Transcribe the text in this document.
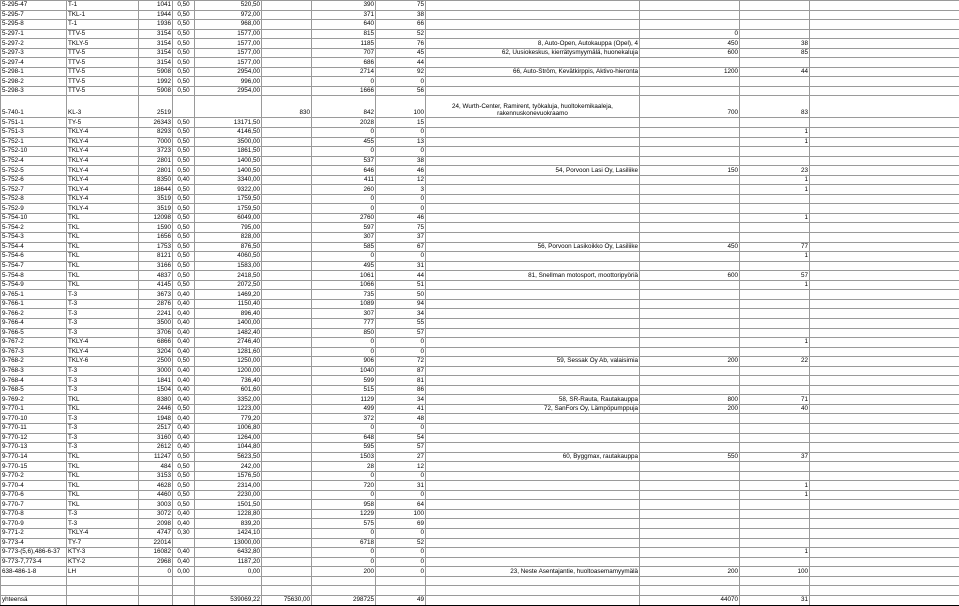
5-295-47	T-1	1041	0,50	520,50		390	75				
5-295-7	TKL-1	1944	0,50	972,00		371	38				
5-295-8	T-1	1936	0,50	968,00		640	66				
5-297-1	TTV-5	3154	0,50	1577,00		815	52		0		
5-297-2	TKLY-5	3154	0,50	1577,00		1185	76	8, Auto-Open, Autokauppa (Opel), 4	450	38	
5-297-3	TTV-5	3154	0,50	1577,00		707	45	62, Uusiokeskus, kierrätysmyymälä, huonekaluja	600	85	
5-297-4	TTV-5	3154	0,50	1577,00		686	44				
5-298-1	TTV-5	5908	0,50	2954,00		2714	92	66, Auto-Ström, Kevätkirppis, Aktivo-hieronta	1200	44	
5-298-2	TTV-5	1992	0,50	996,00		0	0				
5-298-3	TTV-5	5908	0,50	2954,00		1666	56				
5-740-1	KL-3	2519			830	842	100	24, Wurth-Center, Ramirent, työkaluja, huoltokemikaaleja, rakennuskonevuokraamo	700	83	
5-751-1	TY-5	26343	0,50	13171,50		2028	15				
5-751-3	TKLY-4	8293	0,50	4146,50		0	0			1	
5-752-1	TKLY-4	7000	0,50	3500,00		455	13			1	
5-752-10	TKLY-4	3723	0,50	1861,50		0	0				
5-752-4	TKLY-4	2801	0,50	1400,50		537	38				
5-752-5	TKLY-4	2801	0,50	1400,50		646	46	54, Porvoon Lasi Oy, Lasiliike	150	23	
5-752-6	TKLY-4	8350	0,40	3340,00		411	12			1	
5-752-7	TKLY-4	18644	0,50	9322,00		260	3			1	
5-752-8	TKLY-4	3519	0,50	1759,50		0	0				
5-752-9	TKLY-4	3519	0,50	1759,50		0	0				
5-754-10	TKL	12098	0,50	6049,00		2760	46			1	
5-754-2	TKL	1590	0,50	795,00		597	75				
5-754-3	TKL	1656	0,50	828,00		307	37				
5-754-4	TKL	1753	0,50	876,50		585	67	56, Porvoon Lasikoikko Oy, Lasiliike	450	77	
5-754-6	TKL	8121	0,50	4060,50		0	0			1	
5-754-7	TKL	3166	0,50	1583,00		495	31				
5-754-8	TKL	4837	0,50	2418,50		1061	44	81, Snellman motosport, moottoripyöriä	600	57	
5-754-9	TKL	4145	0,50	2072,50		1066	51			1	
9-765-1	T-3	3673	0,40	1469,20		735	50				
9-766-1	T-3	2876	0,40	1150,40		1089	94				
9-766-2	T-3	2241	0,40	896,40		307	34				
9-766-4	T-3	3500	0,40	1400,00		777	55				
9-766-5	T-3	3706	0,40	1482,40		850	57				
9-767-2	TKLY-4	6866	0,40	2746,40		0	0			1	
9-767-3	TKLY-4	3204	0,40	1281,60		0	0				
9-768-2	TKLY-6	2500	0,50	1250,00		906	72	59, Sessak Oy Ab, valaisimia	200	22	
9-768-3	T-3	3000	0,40	1200,00		1040	87				
9-768-4	T-3	1841	0,40	736,40		599	81				
9-768-5	T-3	1504	0,40	601,60		515	86				
9-769-2	TKL	8380	0,40	3352,00		1129	34	58, SR-Rauta, Rautakauppa	800	71	
9-770-1	TKL	2446	0,50	1223,00		499	41	72, SanFors Oy, Lämpöpumppuja	200	40	
9-770-10	T-3	1948	0,40	779,20		372	48				
9-770-11	T-3	2517	0,40	1006,80		0	0				
9-770-12	T-3	3160	0,40	1264,00		648	54				
9-770-13	T-3	2612	0,40	1044,80		595	57				
9-770-14	TKL	11247	0,50	5623,50		1503	27	60, Byggmax, rautakauppa	550	37	
9-770-15	TKL	484	0,50	242,00		28	12				
9-770-2	TKL	3153	0,50	1576,50		0	0				
9-770-4	TKL	4628	0,50	2314,00		720	31			1	
9-770-6	TKL	4460	0,50	2230,00		0	0			1	
9-770-7	TKL	3003	0,50	1501,50		958	64				
9-770-8	T-3	3072	0,40	1228,80		1229	100				
9-770-9	T-3	2098	0,40	839,20		575	69				
9-771-2	TKLY-4	4747	0,30	1424,10		0	0				
9-773-4	TY-7	22014		13000,00		6718	52				
9-773-(5,6),486-6-37	KTY-3	16082	0,40	6432,80		0	0			1	
9-773-7,773-4	KTY-2	2968	0,40	1187,20		0	0				
638-486-1-8	LH	0	0,00	0,00		200	0	23, Neste Asentajantie, huoltoasemamyymälä	200	100	

yhteensä				539069,22	75630,00	298725	49		44070	31	
